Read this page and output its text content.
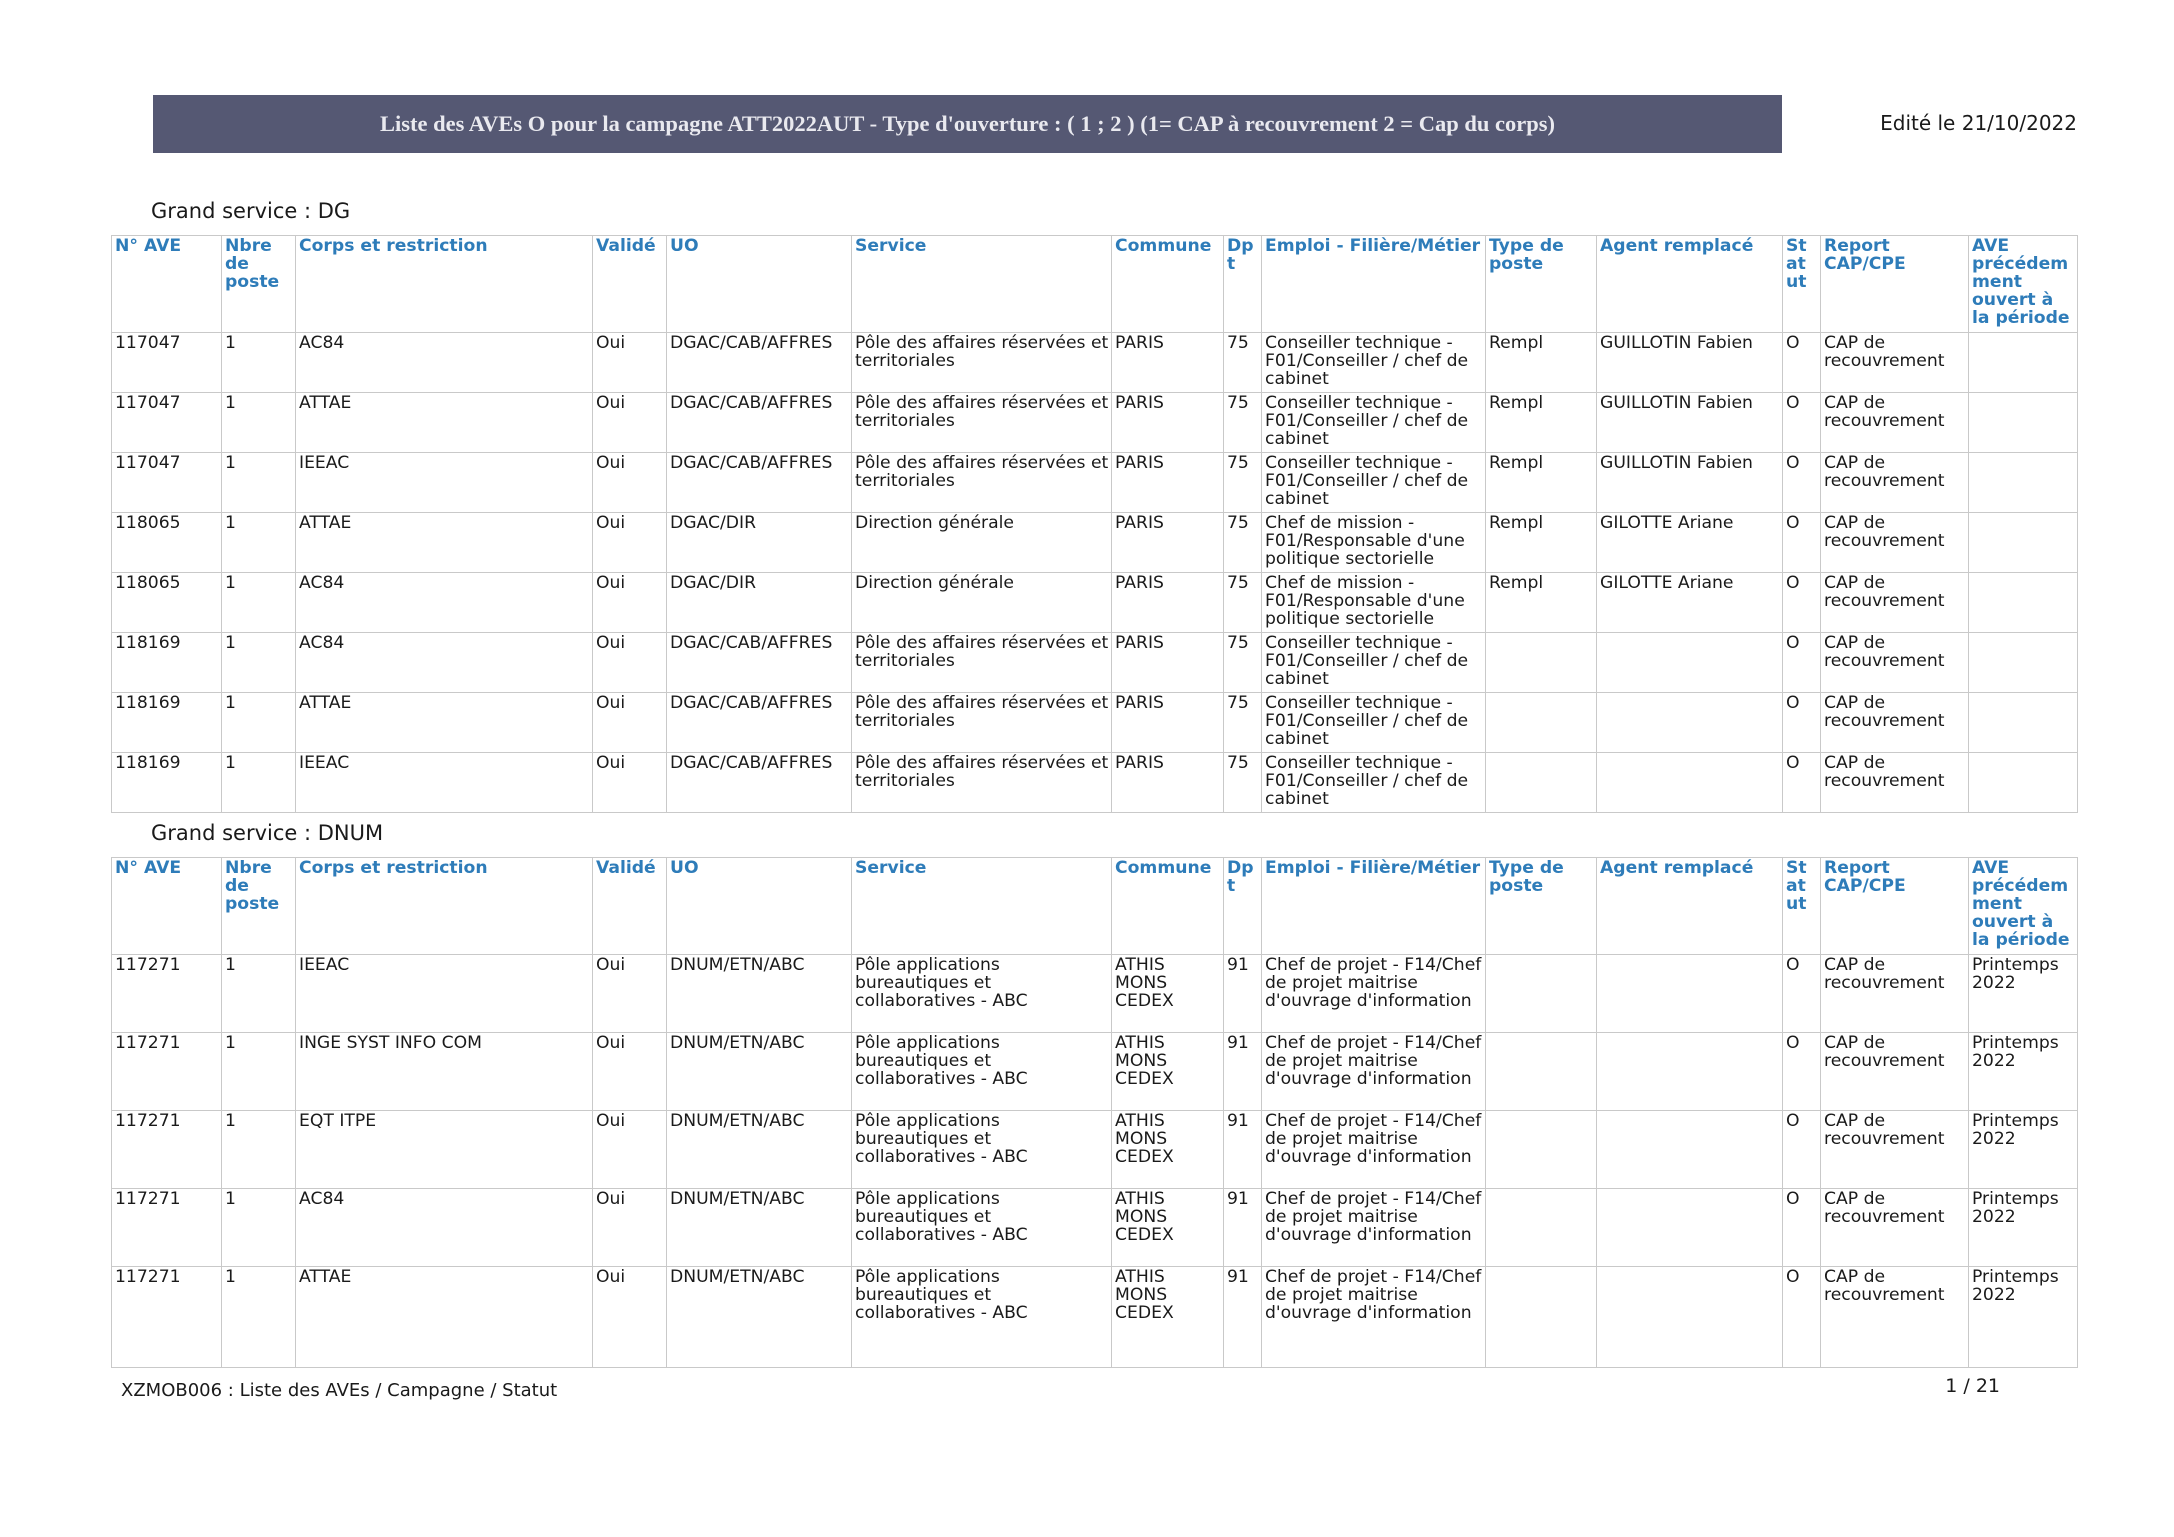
Liste des AVEs O pour la campagne ATT2022AUT - Type d'ouverture : ( 1 ; 2 ) (1= CAP à recouvrement 2 = Cap du corps)	Edité le 21/10/2022
Grand service : DG
N° AVE	Nbre de poste	Corps et restriction	Validé	UO	Service	Commune	Dpt	Emploi - Filière/Métier	Type de poste	Agent remplacé	Statut	Report CAP/CPE	AVE précédemment ouvert à la période
117047	1	AC84	Oui	DGAC/CAB/AFFRES	Pôle des affaires réservées et territoriales	PARIS	75	Conseiller technique - F01/Conseiller / chef de cabinet	Rempl	GUILLOTIN Fabien	O	CAP de recouvrement	
117047	1	ATTAE	Oui	DGAC/CAB/AFFRES	Pôle des affaires réservées et territoriales	PARIS	75	Conseiller technique - F01/Conseiller / chef de cabinet	Rempl	GUILLOTIN Fabien	O	CAP de recouvrement	
117047	1	IEEAC	Oui	DGAC/CAB/AFFRES	Pôle des affaires réservées et territoriales	PARIS	75	Conseiller technique - F01/Conseiller / chef de cabinet	Rempl	GUILLOTIN Fabien	O	CAP de recouvrement	
118065	1	ATTAE	Oui	DGAC/DIR	Direction générale	PARIS	75	Chef de mission - F01/Responsable d'une politique sectorielle	Rempl	GILOTTE Ariane	O	CAP de recouvrement	
118065	1	AC84	Oui	DGAC/DIR	Direction générale	PARIS	75	Chef de mission - F01/Responsable d'une politique sectorielle	Rempl	GILOTTE Ariane	O	CAP de recouvrement	
118169	1	AC84	Oui	DGAC/CAB/AFFRES	Pôle des affaires réservées et territoriales	PARIS	75	Conseiller technique - F01/Conseiller / chef de cabinet			O	CAP de recouvrement	
118169	1	ATTAE	Oui	DGAC/CAB/AFFRES	Pôle des affaires réservées et territoriales	PARIS	75	Conseiller technique - F01/Conseiller / chef de cabinet			O	CAP de recouvrement	
118169	1	IEEAC	Oui	DGAC/CAB/AFFRES	Pôle des affaires réservées et territoriales	PARIS	75	Conseiller technique - F01/Conseiller / chef de cabinet			O	CAP de recouvrement	
Grand service : DNUM
N° AVE	Nbre de poste	Corps et restriction	Validé	UO	Service	Commune	Dpt	Emploi - Filière/Métier	Type de poste	Agent remplacé	Statut	Report CAP/CPE	AVE précédemment ouvert à la période
117271	1	IEEAC	Oui	DNUM/ETN/ABC	Pôle applications bureautiques et collaboratives - ABC	ATHIS MONS CEDEX	91	Chef de projet - F14/Chef de projet maitrise d'ouvrage d'information			O	CAP de recouvrement	Printemps 2022
117271	1	INGE SYST INFO COM	Oui	DNUM/ETN/ABC	Pôle applications bureautiques et collaboratives - ABC	ATHIS MONS CEDEX	91	Chef de projet - F14/Chef de projet maitrise d'ouvrage d'information			O	CAP de recouvrement	Printemps 2022
117271	1	EQT ITPE	Oui	DNUM/ETN/ABC	Pôle applications bureautiques et collaboratives - ABC	ATHIS MONS CEDEX	91	Chef de projet - F14/Chef de projet maitrise d'ouvrage d'information			O	CAP de recouvrement	Printemps 2022
117271	1	AC84	Oui	DNUM/ETN/ABC	Pôle applications bureautiques et collaboratives - ABC	ATHIS MONS CEDEX	91	Chef de projet - F14/Chef de projet maitrise d'ouvrage d'information			O	CAP de recouvrement	Printemps 2022
117271	1	ATTAE	Oui	DNUM/ETN/ABC	Pôle applications bureautiques et collaboratives - ABC	ATHIS MONS CEDEX	91	Chef de projet - F14/Chef de projet maitrise d'ouvrage d'information			O	CAP de recouvrement	Printemps 2022
XZMOB006 : Liste des AVEs / Campagne / Statut	1 / 21
